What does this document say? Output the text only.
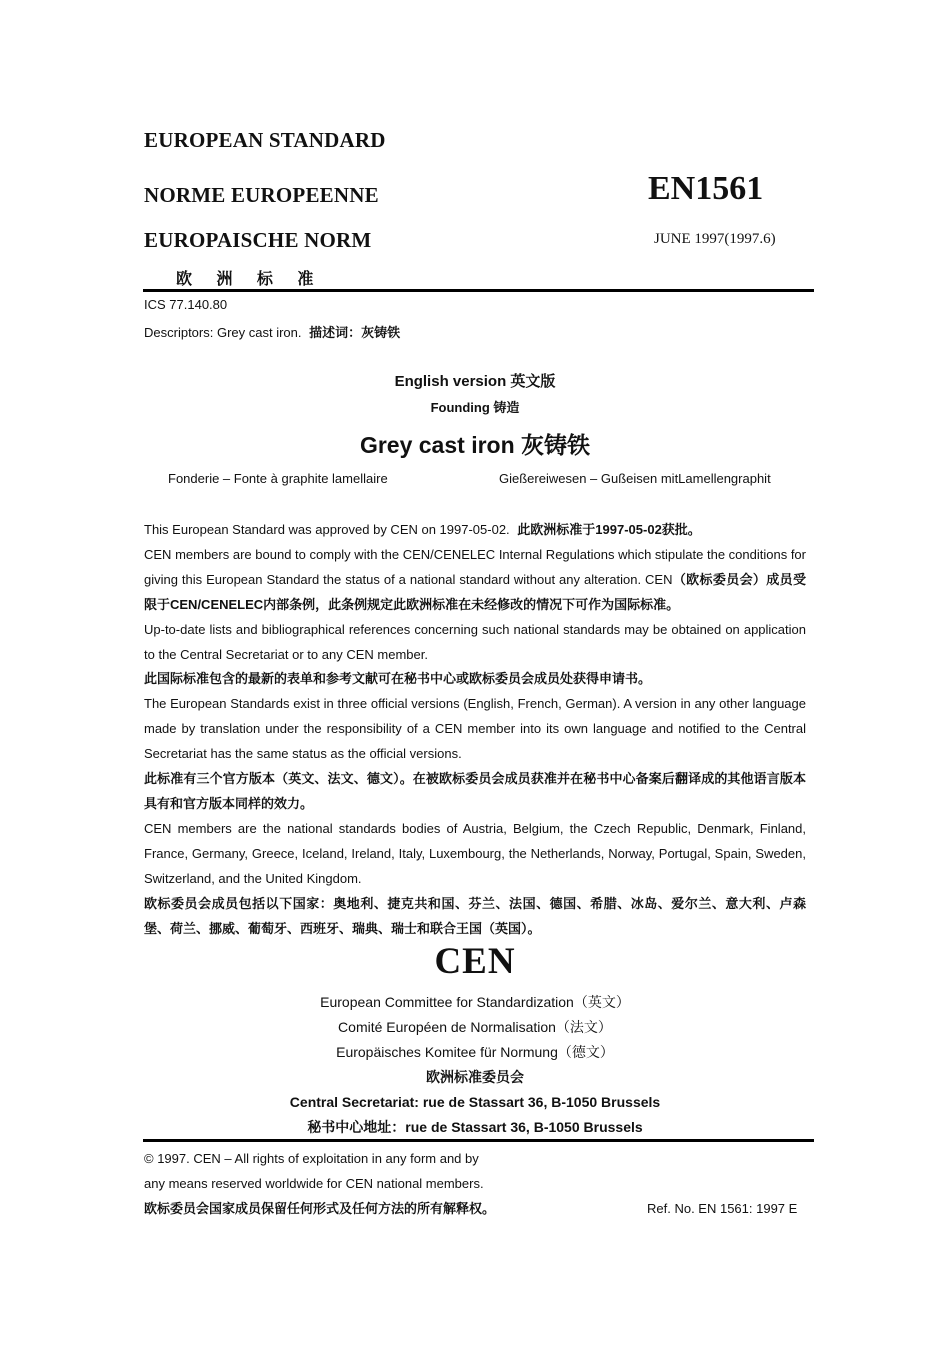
EUROPEAN STANDARD
NORME EUROPEENNE
EUROPAISCHE NORM
欧 洲 标 准
EN1561
JUNE 1997(1997.6)
ICS 77.140.80
Descriptors: Grey cast iron. 描述词：灰铸铁
English version 英文版
Founding 铸造
Grey cast iron 灰铸铁
Fonderie – Fonte à graphite lamellaire	Gießereiwesen – Gußeisen mitLamellengraphit

This European Standard was approved by CEN on 1997-05-02. 此欧洲标准于1997-05-02获批。

CEN members are bound to comply with the CEN/CENELEC Internal Regulations which stipulate the conditions for giving this European Standard the status of a national standard without any alteration. CEN（欧标委员会）成员受限于CEN/CENELEC内部条例，此条例规定此欧洲标准在未经修改的情况下可作为国际标准。

Up-to-date lists and bibliographical references concerning such national standards may be obtained on application to the Central Secretariat or to any CEN member.

此国际标准包含的最新的表单和参考文献可在秘书中心或欧标委员会成员处获得申请书。

The European Standards exist in three official versions (English, French, German). A version in any other language made by translation under the responsibility of a CEN member into its own language and notified to the Central Secretariat has the same status as the official versions.

此标准有三个官方版本（英文、法文、德文）。在被欧标委员会成员获准并在秘书中心备案后翻译成的其他语言版本具有和官方版本同样的效力。

CEN members are the national standards bodies of Austria, Belgium, the Czech Republic, Denmark, Finland, France, Germany, Greece, Iceland, Ireland, Italy, Luxembourg, the Netherlands, Norway, Portugal, Spain, Sweden, Switzerland, and the United Kingdom.

欧标委员会成员包括以下国家：奥地利、捷克共和国、芬兰、法国、德国、希腊、冰岛、爱尔兰、意大利、卢森堡、荷兰、挪威、葡萄牙、西班牙、瑞典、瑞士和联合王国（英国）。

CEN
European Committee for Standardization（英文）
Comité Européen de Normalisation（法文）
Europäisches Komitee für Normung（德文）
欧洲标准委员会
Central Secretariat: rue de Stassart 36, B-1050 Brussels
秘书中心地址：rue de Stassart 36, B-1050 Brussels
© 1997. CEN – All rights of exploitation in any form and by
any means reserved worldwide for CEN national members.
欧标委员会国家成员保留任何形式及任何方法的所有解释权。	Ref. No. EN 1561: 1997 E
